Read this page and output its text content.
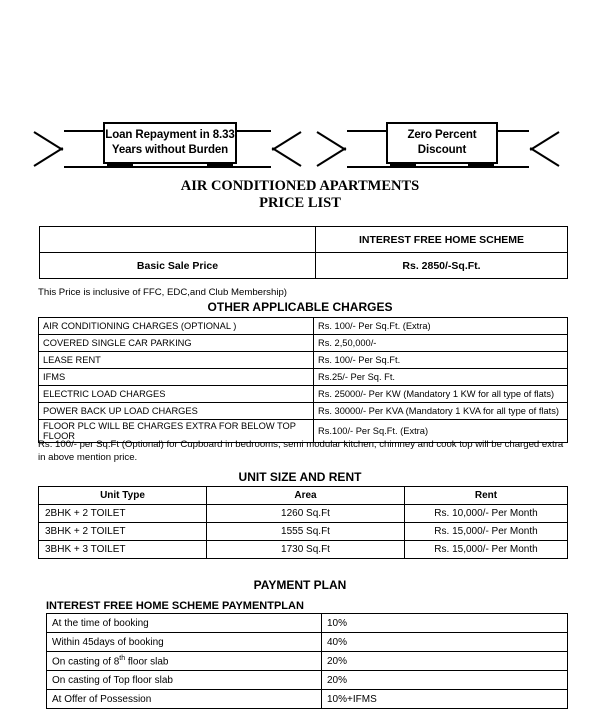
Loan Repayment in 8.33
Years without Burden
Zero Percent
Discount
AIR CONDITIONED APARTMENTS
PRICE LIST
	INTEREST FREE HOME SCHEME
Basic Sale Price	Rs. 2850/-Sq.Ft.
This Price is inclusive of FFC, EDC,and Club Membership)
OTHER APPLICABLE CHARGES
AIR CONDITIONING CHARGES (OPTIONAL )	Rs. 100/- Per Sq.Ft. (Extra)
COVERED SINGLE CAR PARKING	Rs. 2,50,000/-
LEASE RENT	Rs. 100/- Per Sq.Ft.
IFMS	Rs.25/- Per Sq. Ft.
ELECTRIC LOAD CHARGES	Rs. 25000/- Per KW (Mandatory 1 KW for all type of flats)
POWER BACK UP LOAD CHARGES	Rs. 30000/- Per KVA (Mandatory 1 KVA for all type of flats)
FLOOR PLC WILL BE CHARGES EXTRA FOR BELOW TOP FLOOR	Rs.100/- Per Sq.Ft. (Extra)
Rs. 100/- per Sq.Ft (Optional) for Cupboard in bedrooms, semi modular kitchen, chimney and cook top will be charged extra in above mention price.
UNIT SIZE AND RENT
Unit Type	Area	Rent
2BHK + 2 TOILET	1260 Sq.Ft	Rs. 10,000/- Per Month
3BHK + 2 TOILET	1555 Sq.Ft	Rs. 15,000/- Per Month
3BHK + 3 TOILET	1730 Sq.Ft	Rs. 15,000/- Per Month
PAYMENT PLAN
INTEREST FREE HOME SCHEME PAYMENTPLAN
At the time of booking	10%
Within 45days of booking	40%
On casting of 8th floor slab	20%
On casting of Top floor slab	20%
At Offer of Possession	10%+IFMS
